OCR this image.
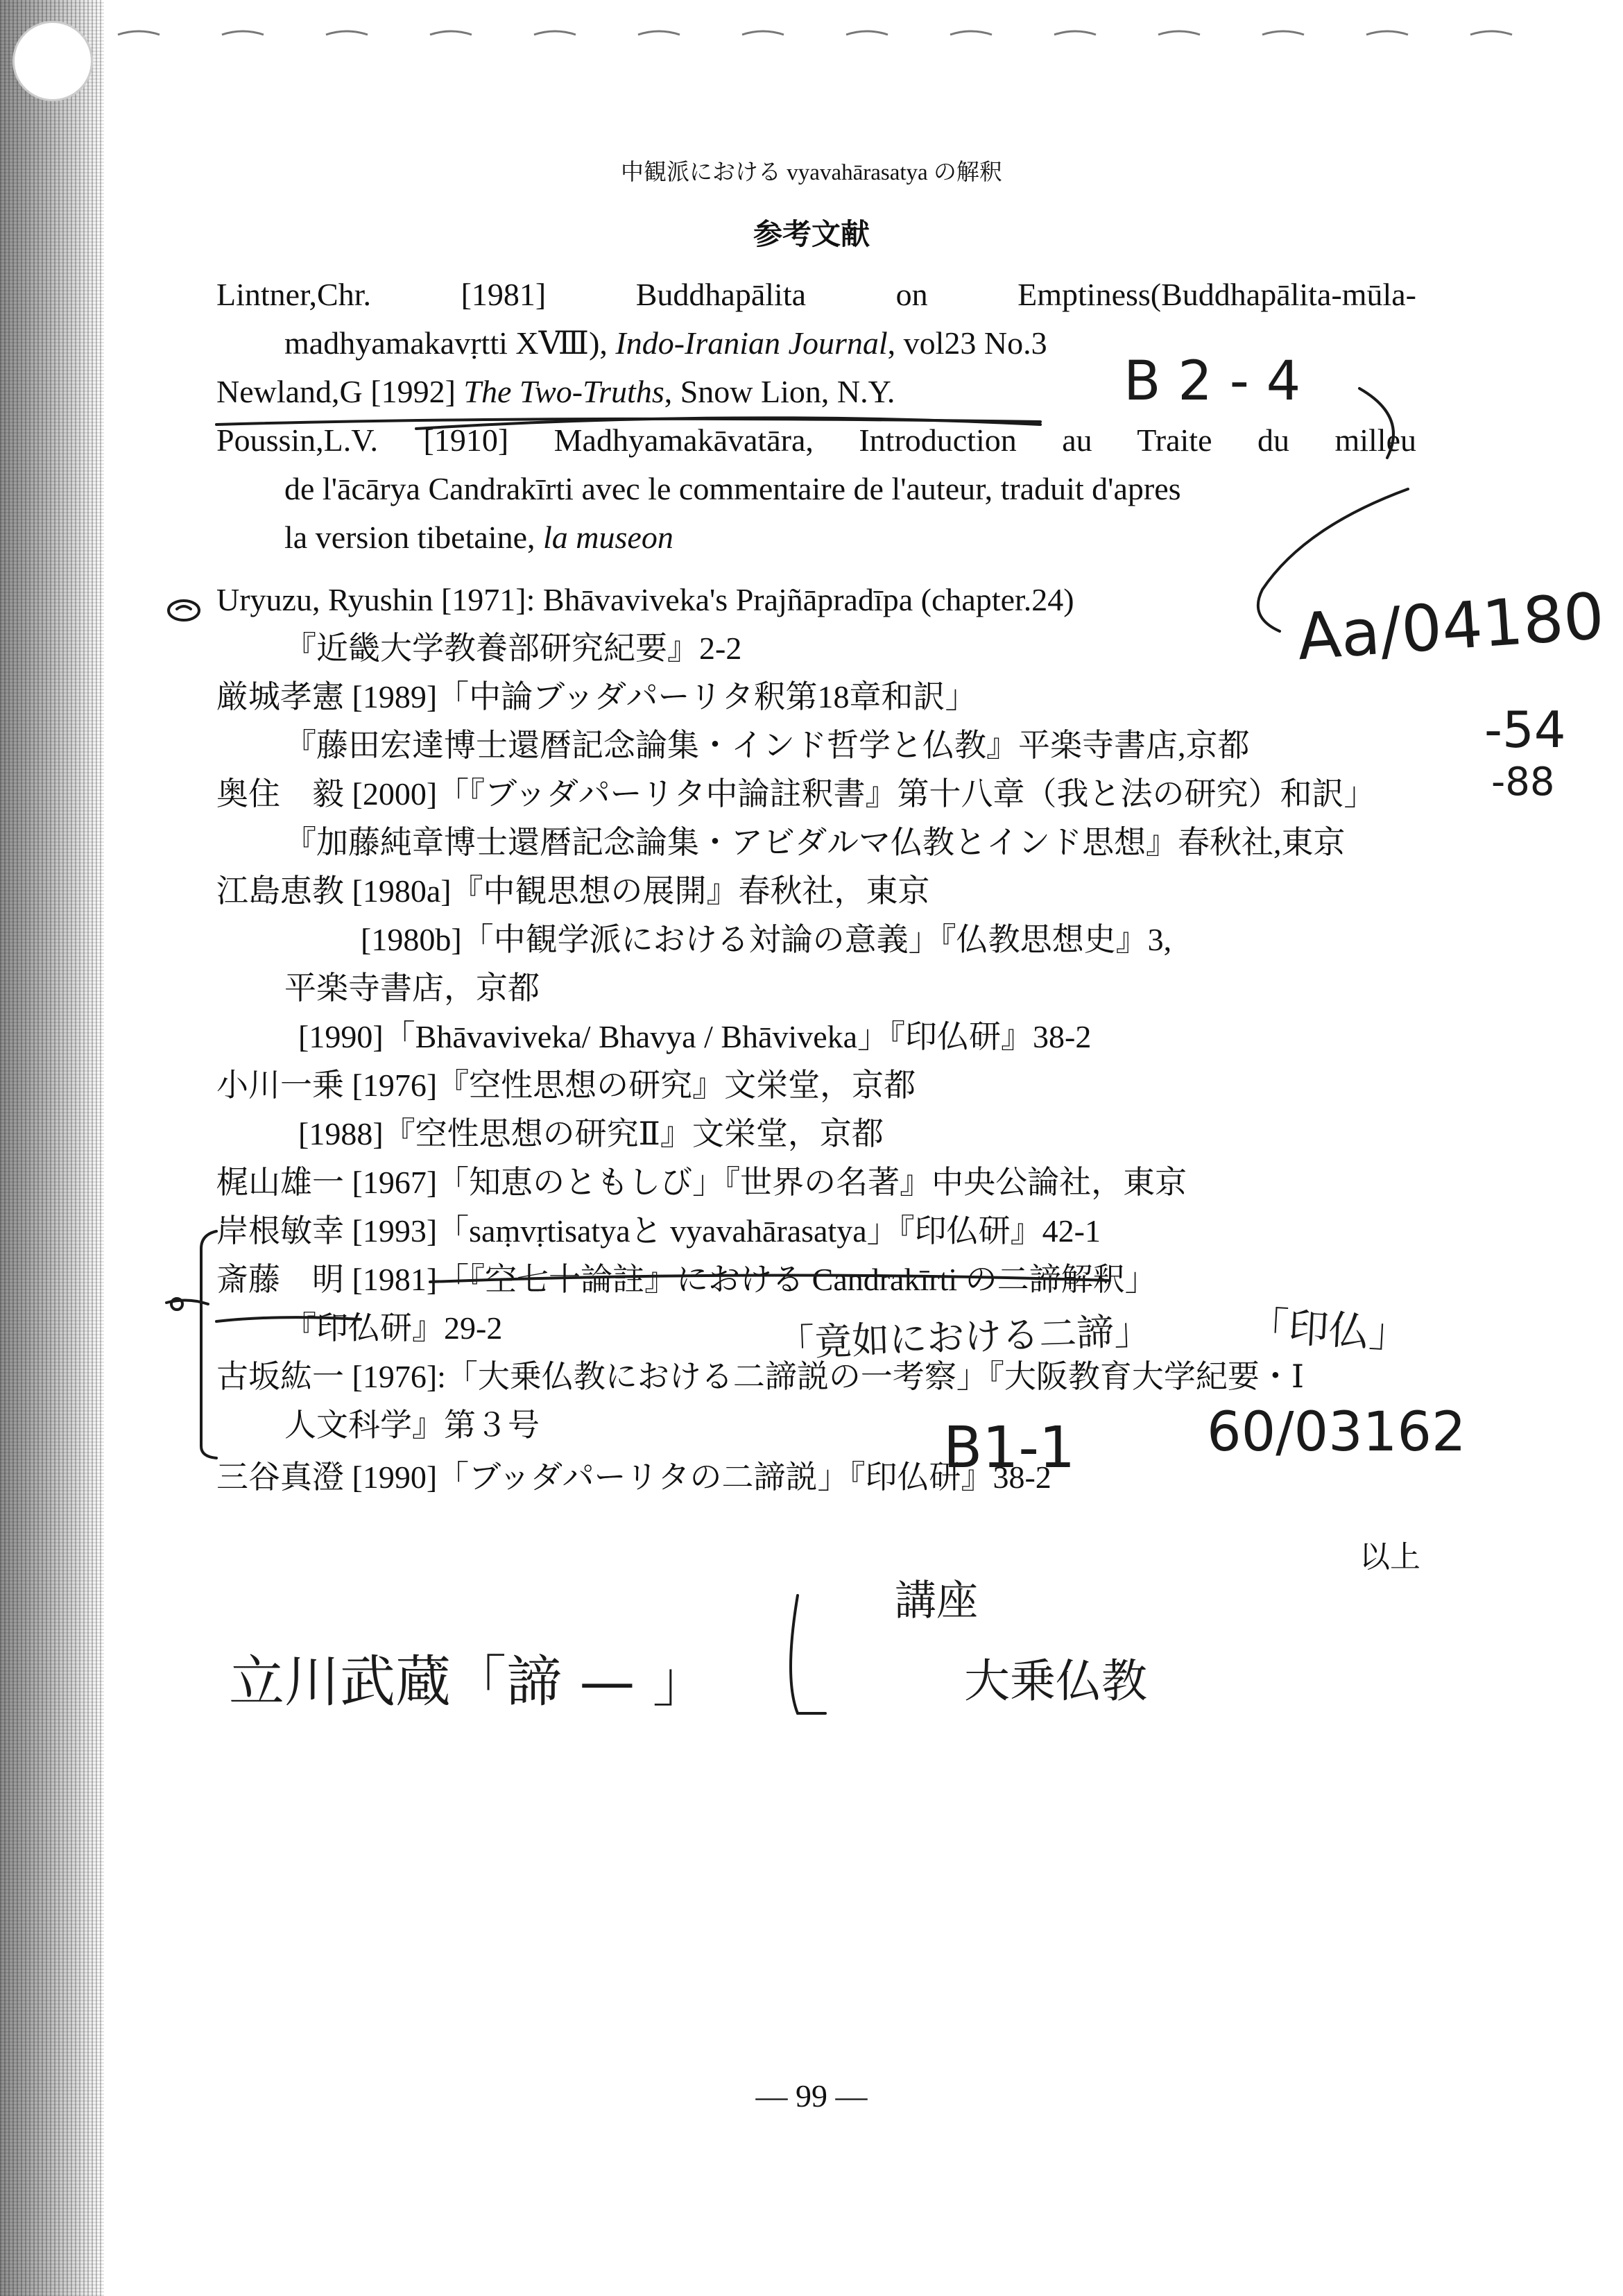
中観派における vyavahārasatya の解釈
参考文献
Lintner,Chr. [1981] Buddhapālita on Emptiness(Buddhapālita-mūla-
madhyamakavṛtti XⅧ), Indo-Iranian Journal, vol23 No.3
Newland,G [1992] The Two-Truths, Snow Lion, N.Y.
Poussin,L.V. [1910] Madhyamakāvatāra, Introduction au Traite du milleu
de l'ācārya Candrakīrti avec le commentaire de l'auteur, traduit d'apres
la version tibetaine, la museon
Uryuzu, Ryushin [1971]: Bhāvaviveka's Prajñāpradīpa (chapter.24)
『近畿大学教養部研究紀要』2-2
厳城孝憲 [1989]「中論ブッダパーリタ釈第18章和訳」
『藤田宏達博士還暦記念論集・インド哲学と仏教』平楽寺書店,京都
奥住　毅 [2000]「『ブッダパーリタ中論註釈書』第十八章（我と法の研究）和訳」
『加藤純章博士還暦記念論集・アビダルマ仏教とインド思想』春秋社,東京
江島恵教 [1980a]『中観思想の展開』春秋社，東京
[1980b]「中観学派における対論の意義」『仏教思想史』3,
平楽寺書店，京都
[1990]「Bhāvaviveka/ Bhavya / Bhāviveka」『印仏研』38-2
小川一乗 [1976]『空性思想の研究』文栄堂，京都
[1988]『空性思想の研究Ⅱ』文栄堂，京都
梶山雄一 [1967]「知恵のともしび」『世界の名著』中央公論社，東京
岸根敏幸 [1993]「saṃvṛtisatyaと vyavahārasatya」『印仏研』42-1
斎藤　明 [1981]「『空七十論註』における Candrakīrti の二諦解釈」
『印仏研』29-2
古坂紘一 [1976]:「大乗仏教における二諦説の一考察」『大阪教育大学紀要・Ⅰ
人文科学』第３号
三谷真澄 [1990]「ブッダパーリタの二諦説」『印仏研』38-2
以上
— 99 —
B 2 - 4
Aa/04180
-54
-88
B1-1 60/03162
「竟如における二諦」 「印仏」
立川武蔵「諦 — 」
講座
大乗仏教
